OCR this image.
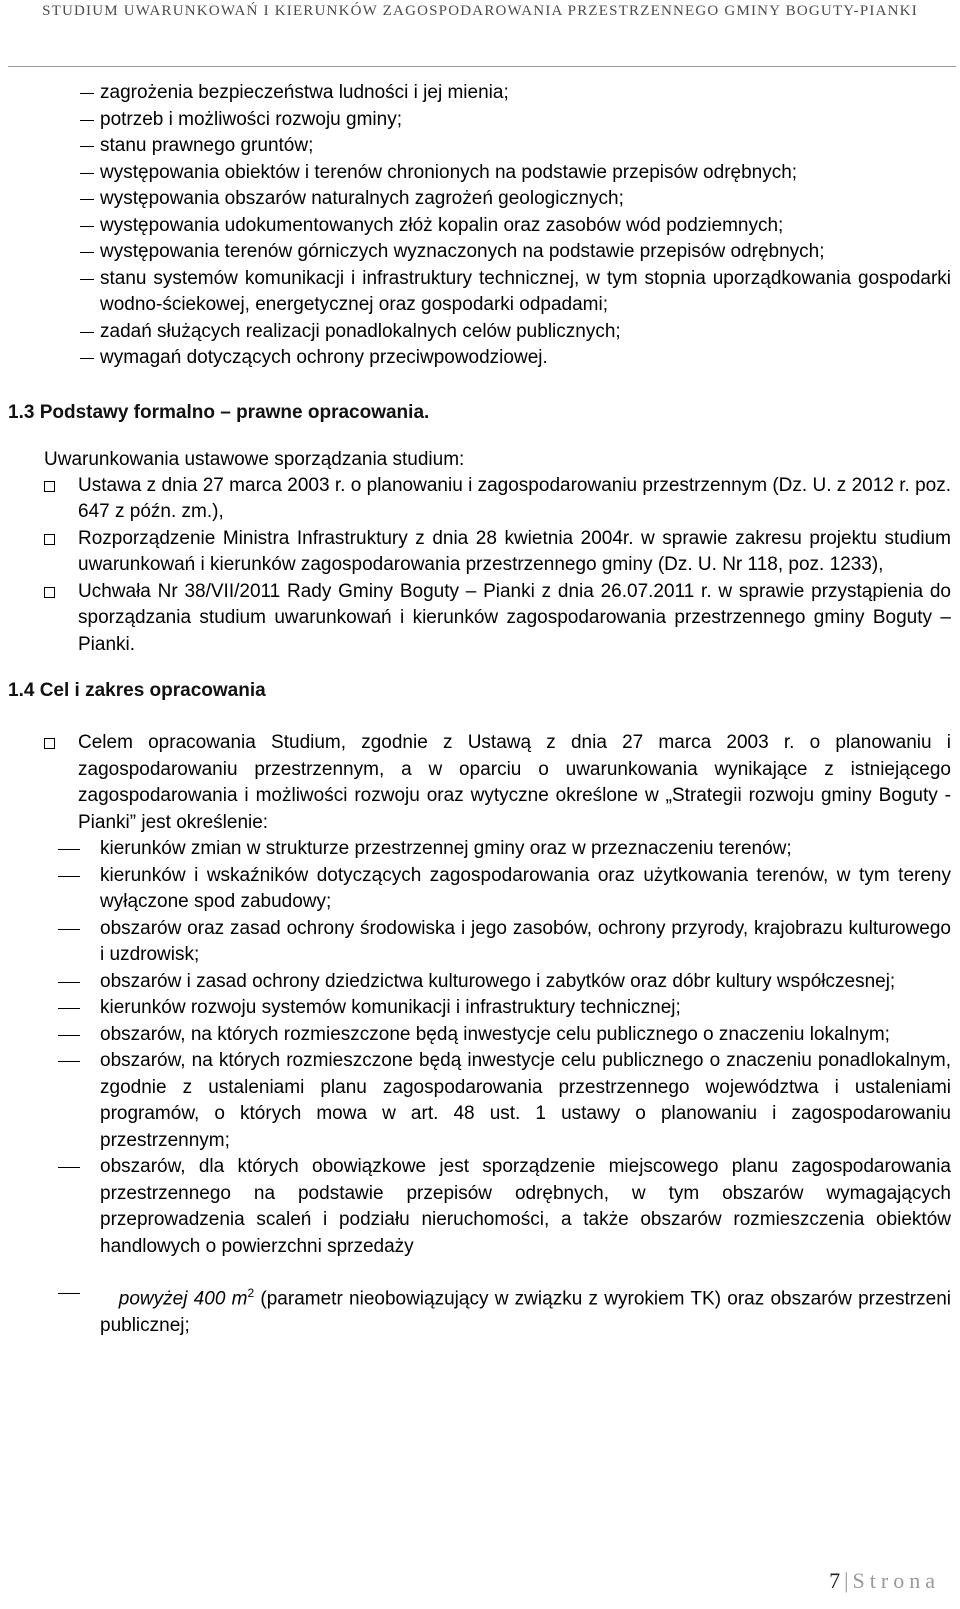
STUDIUM UWARUNKOWAŃ I KIERUNKÓW ZAGOSPODAROWANIA PRZESTRZENNEGO GMINY BOGUTY-PIANKI
zagrożenia bezpieczeństwa ludności i jej mienia;
potrzeb i możliwości rozwoju gminy;
stanu prawnego gruntów;
występowania obiektów i terenów chronionych na podstawie przepisów odrębnych;
występowania obszarów naturalnych zagrożeń geologicznych;
występowania udokumentowanych złóż kopalin oraz zasobów wód podziemnych;
występowania terenów górniczych wyznaczonych na podstawie przepisów odrębnych;
stanu systemów komunikacji i infrastruktury technicznej, w tym stopnia uporządkowania gospodarki wodno-ściekowej, energetycznej oraz gospodarki odpadami;
zadań służących realizacji ponadlokalnych celów publicznych;
wymagań dotyczących ochrony przeciwpowodziowej.
1.3 Podstawy formalno – prawne opracowania.

Uwarunkowania ustawowe sporządzania studium:

Ustawa z dnia 27 marca 2003 r. o planowaniu i zagospodarowaniu przestrzennym (Dz. U. z 2012 r. poz. 647 z późn. zm.),
Rozporządzenie Ministra Infrastruktury z dnia 28 kwietnia 2004r. w sprawie zakresu projektu studium uwarunkowań i kierunków zagospodarowania przestrzennego gminy (Dz. U. Nr 118, poz. 1233),
Uchwała Nr 38/VII/2011 Rady Gminy Boguty – Pianki z dnia 26.07.2011 r. w sprawie przystąpienia do sporządzania studium uwarunkowań i kierunków zagospodarowania przestrzennego gminy Boguty – Pianki.
1.4 Cel i zakres opracowania
Celem opracowania Studium, zgodnie z Ustawą z dnia 27 marca 2003 r. o planowaniu i zagospodarowaniu przestrzennym, a w oparciu o uwarunkowania wynikające z istniejącego zagospodarowania i możliwości rozwoju oraz wytyczne określone w „Strategii rozwoju gminy Boguty - Pianki” jest określenie:
kierunków zmian w strukturze przestrzennej gminy oraz w przeznaczeniu terenów;
kierunków i wskaźników dotyczących zagospodarowania oraz użytkowania terenów, w tym tereny wyłączone spod zabudowy;
obszarów oraz zasad ochrony środowiska i jego zasobów, ochrony przyrody, krajobrazu kulturowego i uzdrowisk;
obszarów i zasad ochrony dziedzictwa kulturowego i zabytków oraz dóbr kultury współczesnej;
kierunków rozwoju systemów komunikacji i infrastruktury technicznej;
obszarów, na których rozmieszczone będą inwestycje celu publicznego o znaczeniu lokalnym;
obszarów, na których rozmieszczone będą inwestycje celu publicznego o znaczeniu ponadlokalnym, zgodnie z ustaleniami planu zagospodarowania przestrzennego województwa i ustaleniami programów, o których mowa w art. 48 ust. 1 ustawy o planowaniu i zagospodarowaniu przestrzennym;
obszarów, dla których obowiązkowe jest sporządzenie miejscowego planu zagospodarowania przestrzennego na podstawie przepisów odrębnych, w tym obszarów wymagających przeprowadzenia scaleń i podziału nieruchomości, a także obszarów rozmieszczenia obiektów handlowych o powierzchni sprzedaży
powyżej 400 $m^2$ (parametr nieobowiązujący w związku z wyrokiem TK) oraz obszarów przestrzeni publicznej;
7 | Strona
